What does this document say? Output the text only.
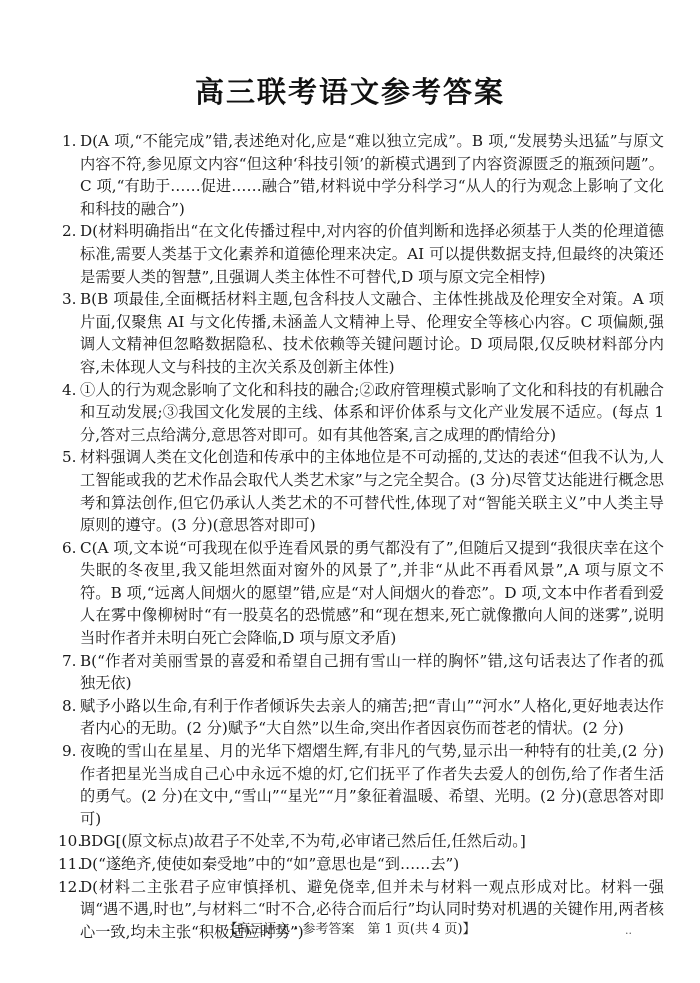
高三联考语文参考答案
1. D(A 项,“不能完成”错,表述绝对化,应是“难以独立完成”。B 项,“发展势头迅猛”与原文内容不符,参见原文内容“但这种‘科技引领’的新模式遇到了内容资源匮乏的瓶颈问题”。C 项,“有助于……促进……融合”错,材料说中学分科学习“从人的行为观念上影响了文化和科技的融合”)
2. D(材料明确指出“在文化传播过程中,对内容的价值判断和选择必须基于人类的伦理道德标准,需要人类基于文化素养和道德伦理来决定。AI 可以提供数据支持,但最终的决策还是需要人类的智慧”,且强调人类主体性不可替代,D 项与原文完全相悖)
3. B(B 项最佳,全面概括材料主题,包含科技人文融合、主体性挑战及伦理安全对策。A 项片面,仅聚焦 AI 与文化传播,未涵盖人文精神上导、伦理安全等核心内容。C 项偏颇,强调人文精神但忽略数据隐私、技术依赖等关键问题讨论。D 项局限,仅反映材料部分内容,未体现人文与科技的主次关系及创新主体性)
4. ①人的行为观念影响了文化和科技的融合;②政府管理模式影响了文化和科技的有机融合和互动发展;③我国文化发展的主线、体系和评价体系与文化产业发展不适应。(每点 1 分,答对三点给满分,意思答对即可。如有其他答案,言之成理的酌情给分)
5. 材料强调人类在文化创造和传承中的主体地位是不可动摇的,艾达的表述“但我不认为,人工智能或我的艺术作品会取代人类艺术家”与之完全契合。(3 分)尽管艾达能进行概念思考和算法创作,但它仍承认人类艺术的不可替代性,体现了对“智能关联主义”中人类主导原则的遵守。(3 分)(意思答对即可)
6. C(A 项,文本说“可我现在似乎连看风景的勇气都没有了”,但随后又提到“我很庆幸在这个失眠的冬夜里,我又能坦然面对窗外的风景了”,并非“从此不再看风景”,A 项与原文不符。B 项,“远离人间烟火的愿望”错,应是“对人间烟火的眷恋”。D 项,文本中作者看到爱人在雾中像柳树时“有一股莫名的恐慌感”和“现在想来,死亡就像撒向人间的迷雾”,说明当时作者并未明白死亡会降临,D 项与原文矛盾)
7. B(“作者对美丽雪景的喜爱和希望自己拥有雪山一样的胸怀”错,这句话表达了作者的孤独无依)
8. 赋予小路以生命,有利于作者倾诉失去亲人的痛苦;把“青山”“河水”人格化,更好地表达作者内心的无助。(2 分)赋予“大自然”以生命,突出作者因哀伤而苍老的情状。(2 分)
9. 夜晚的雪山在星星、月的光华下熠熠生辉,有非凡的气势,显示出一种特有的壮美,(2 分)作者把星光当成自己心中永远不熄的灯,它们抚平了作者失去爱人的创伤,给了作者生活的勇气。(2 分)在文中,“雪山”“星光”“月”象征着温暖、希望、光明。(2 分)(意思答对即可)
10.
BDG[(原文标点)故君子不处幸,不为苟,必审诸己然后任,任然后动。]
11.
D(“遂绝齐,使使如秦受地”中的“如”意思也是“到……去”)
12.
D(材料二主张君子应审慎择机、避免侥幸,但并未与材料一观点形成对比。材料一强调“遇不遇,时也”,与材料二“时不合,必待合而后行”均认同时势对机遇的关键作用,两者核心一致,均未主张“积极适应时势”)
【高三语文・参考答案　第 1 页(共 4 页)】	..
